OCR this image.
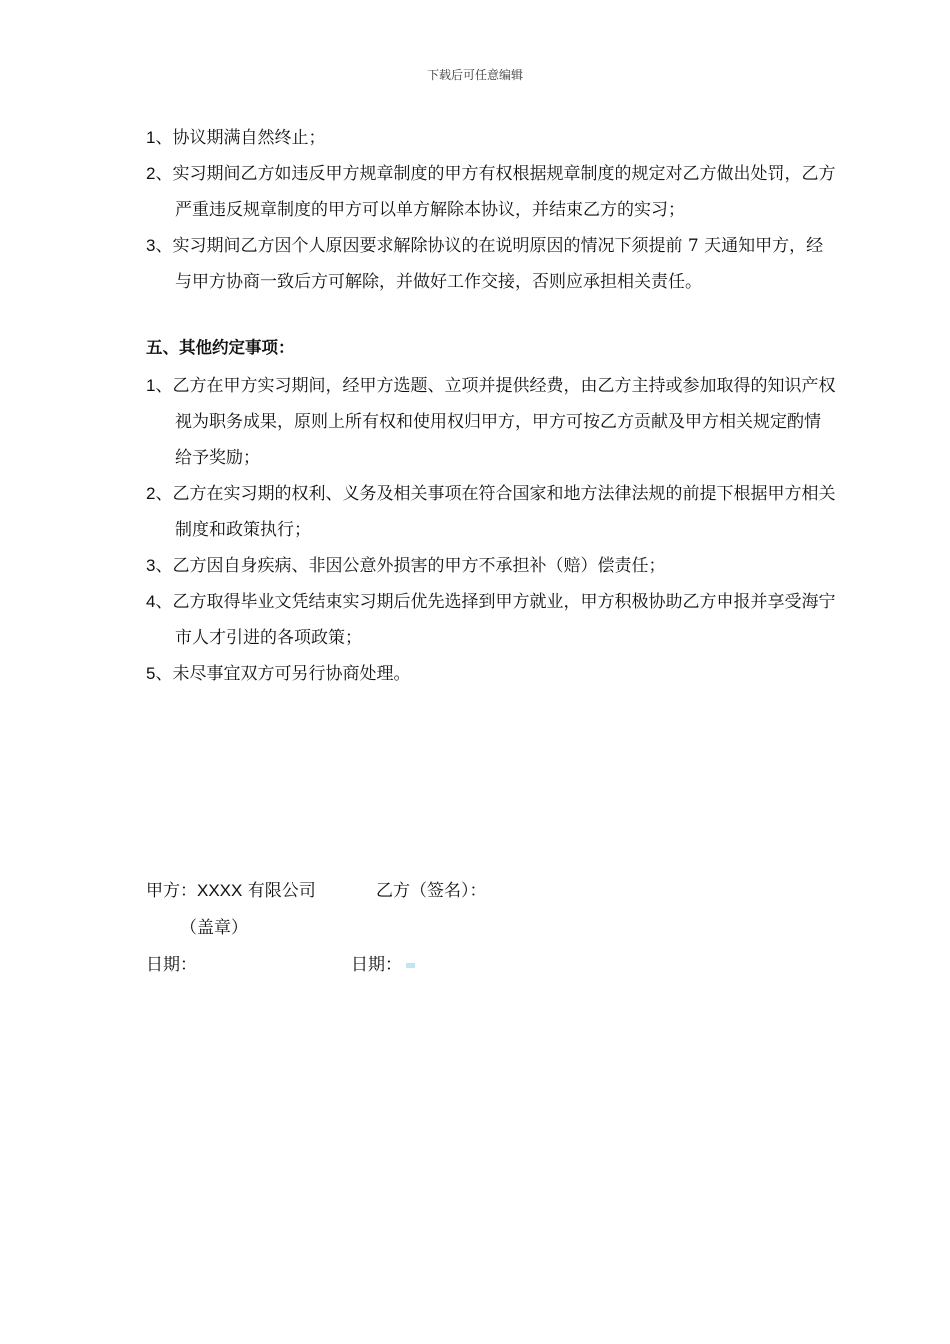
下载后可任意编辑

1、协议期满自然终止；

2、实习期间乙方如违反甲方规章制度的甲方有权根据规章制度的规定对乙方做出处罚，乙方严重违反规章制度的甲方可以单方解除本协议，并结束乙方的实习；

3、实习期间乙方因个人原因要求解除协议的在说明原因的情况下须提前 7 天通知甲方，经与甲方协商一致后方可解除，并做好工作交接，否则应承担相关责任。

五、其他约定事项：

1、乙方在甲方实习期间，经甲方选题、立项并提供经费，由乙方主持或参加取得的知识产权视为职务成果，原则上所有权和使用权归甲方，甲方可按乙方贡献及甲方相关规定酌情给予奖励；

2、乙方在实习期的权利、义务及相关事项在符合国家和地方法律法规的前提下根据甲方相关制度和政策执行；

3、乙方因自身疾病、非因公意外损害的甲方不承担补（赔）偿责任；

4、乙方取得毕业文凭结束实习期后优先选择到甲方就业，甲方积极协助乙方申报并享受海宁市人才引进的各项政策；

5、未尽事宜双方可另行协商处理。

甲方：XXXX 有限公司	乙方（签名）：
（盖章）
日期：	日期：
